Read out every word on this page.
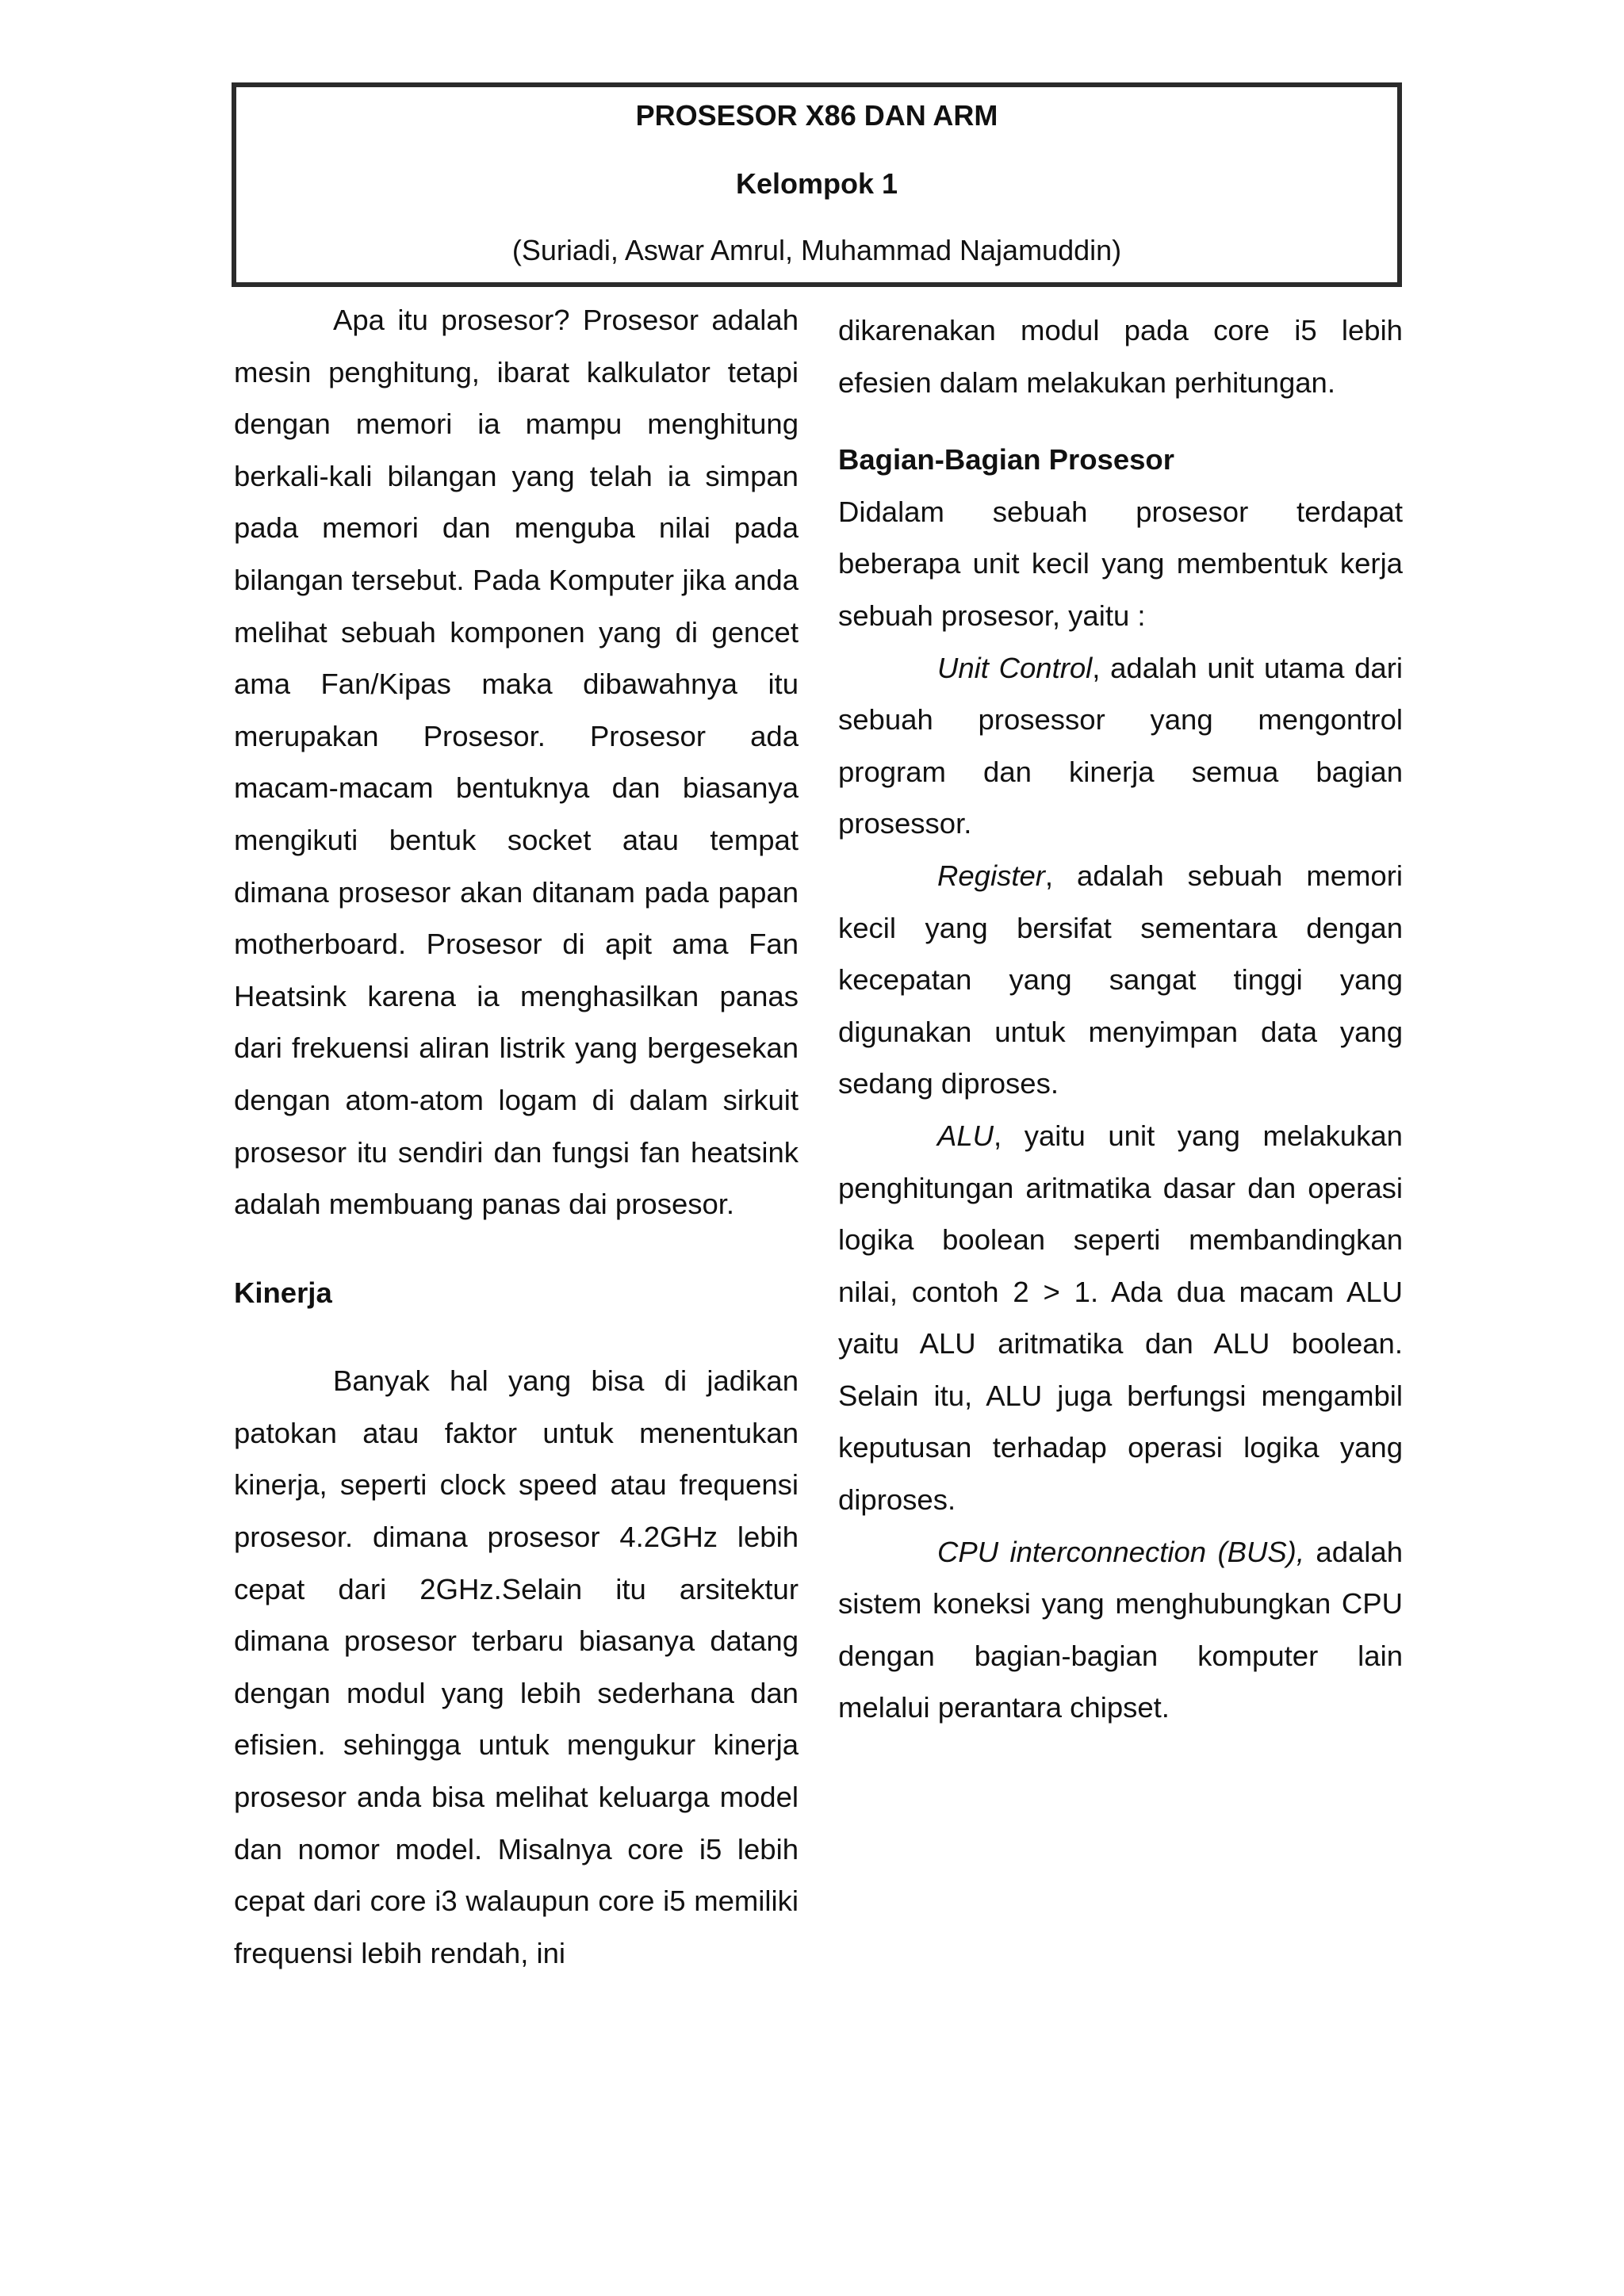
PROSESOR X86 DAN ARM
Kelompok 1
(Suriadi, Aswar Amrul, Muhammad Najamuddin)

Apa itu prosesor? Prosesor adalah mesin penghitung, ibarat kalkulator tetapi dengan memori ia mampu menghitung berkali-kali bilangan yang telah ia simpan pada memori dan menguba nilai pada bilangan tersebut. Pada Komputer jika anda melihat sebuah komponen yang di gencet ama Fan/Kipas maka dibawahnya itu merupakan Prosesor. Prosesor ada macam-macam bentuknya dan biasanya mengikuti bentuk socket atau tempat dimana prosesor akan ditanam pada papan motherboard. Prosesor di apit ama Fan Heatsink karena ia menghasilkan panas dari frekuensi aliran listrik yang bergesekan dengan atom-atom logam di dalam sirkuit prosesor itu sendiri dan fungsi fan heatsink adalah membuang panas dai prosesor.

Kinerja

Banyak hal yang bisa di jadikan patokan atau faktor untuk menentukan kinerja, seperti clock speed atau frequensi prosesor. dimana prosesor 4.2GHz lebih cepat dari 2GHz.Selain itu arsitektur dimana prosesor terbaru biasanya datang dengan modul yang lebih sederhana dan efisien. sehingga untuk mengukur kinerja prosesor anda bisa melihat keluarga model dan nomor model. Misalnya core i5 lebih cepat dari core i3 walaupun core i5 memiliki frequensi lebih rendah, ini

dikarenakan modul pada core i5 lebih efesien dalam melakukan perhitungan.

Bagian-Bagian Prosesor

Didalam sebuah prosesor terdapat beberapa unit kecil yang membentuk kerja sebuah prosesor, yaitu :

Unit Control, adalah unit utama dari sebuah prosessor yang mengontrol program dan kinerja semua bagian prosessor.

Register, adalah sebuah memori kecil yang bersifat sementara dengan kecepatan yang sangat tinggi yang digunakan untuk menyimpan data yang sedang diproses.

ALU, yaitu unit yang melakukan penghitungan aritmatika dasar dan operasi logika boolean seperti membandingkan nilai, contoh 2 > 1. Ada dua macam ALU yaitu ALU aritmatika dan ALU boolean. Selain itu, ALU juga berfungsi mengambil keputusan terhadap operasi logika yang diproses.

CPU interconnection (BUS), adalah sistem koneksi yang menghubungkan CPU dengan bagian-bagian komputer lain melalui perantara chipset.
